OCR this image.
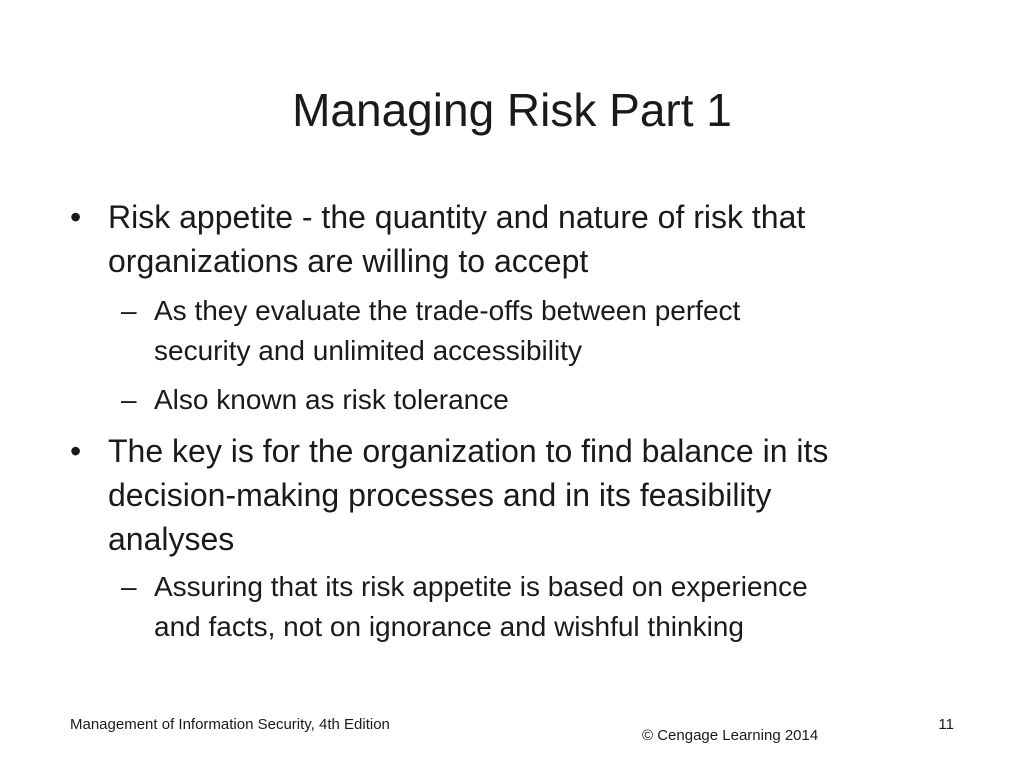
Managing Risk Part 1
• Risk appetite - the quantity and nature of risk that
organizations are willing to accept
– As they evaluate the trade-offs between perfect
security and unlimited accessibility
– Also known as risk tolerance
• The key is for the organization to find balance in its
decision-making processes and in its feasibility
analyses
– Assuring that its risk appetite is based on experience
and facts, not on ignorance and wishful thinking
Management of Information Security, 4th Edition
© Cengage Learning 2014
11
